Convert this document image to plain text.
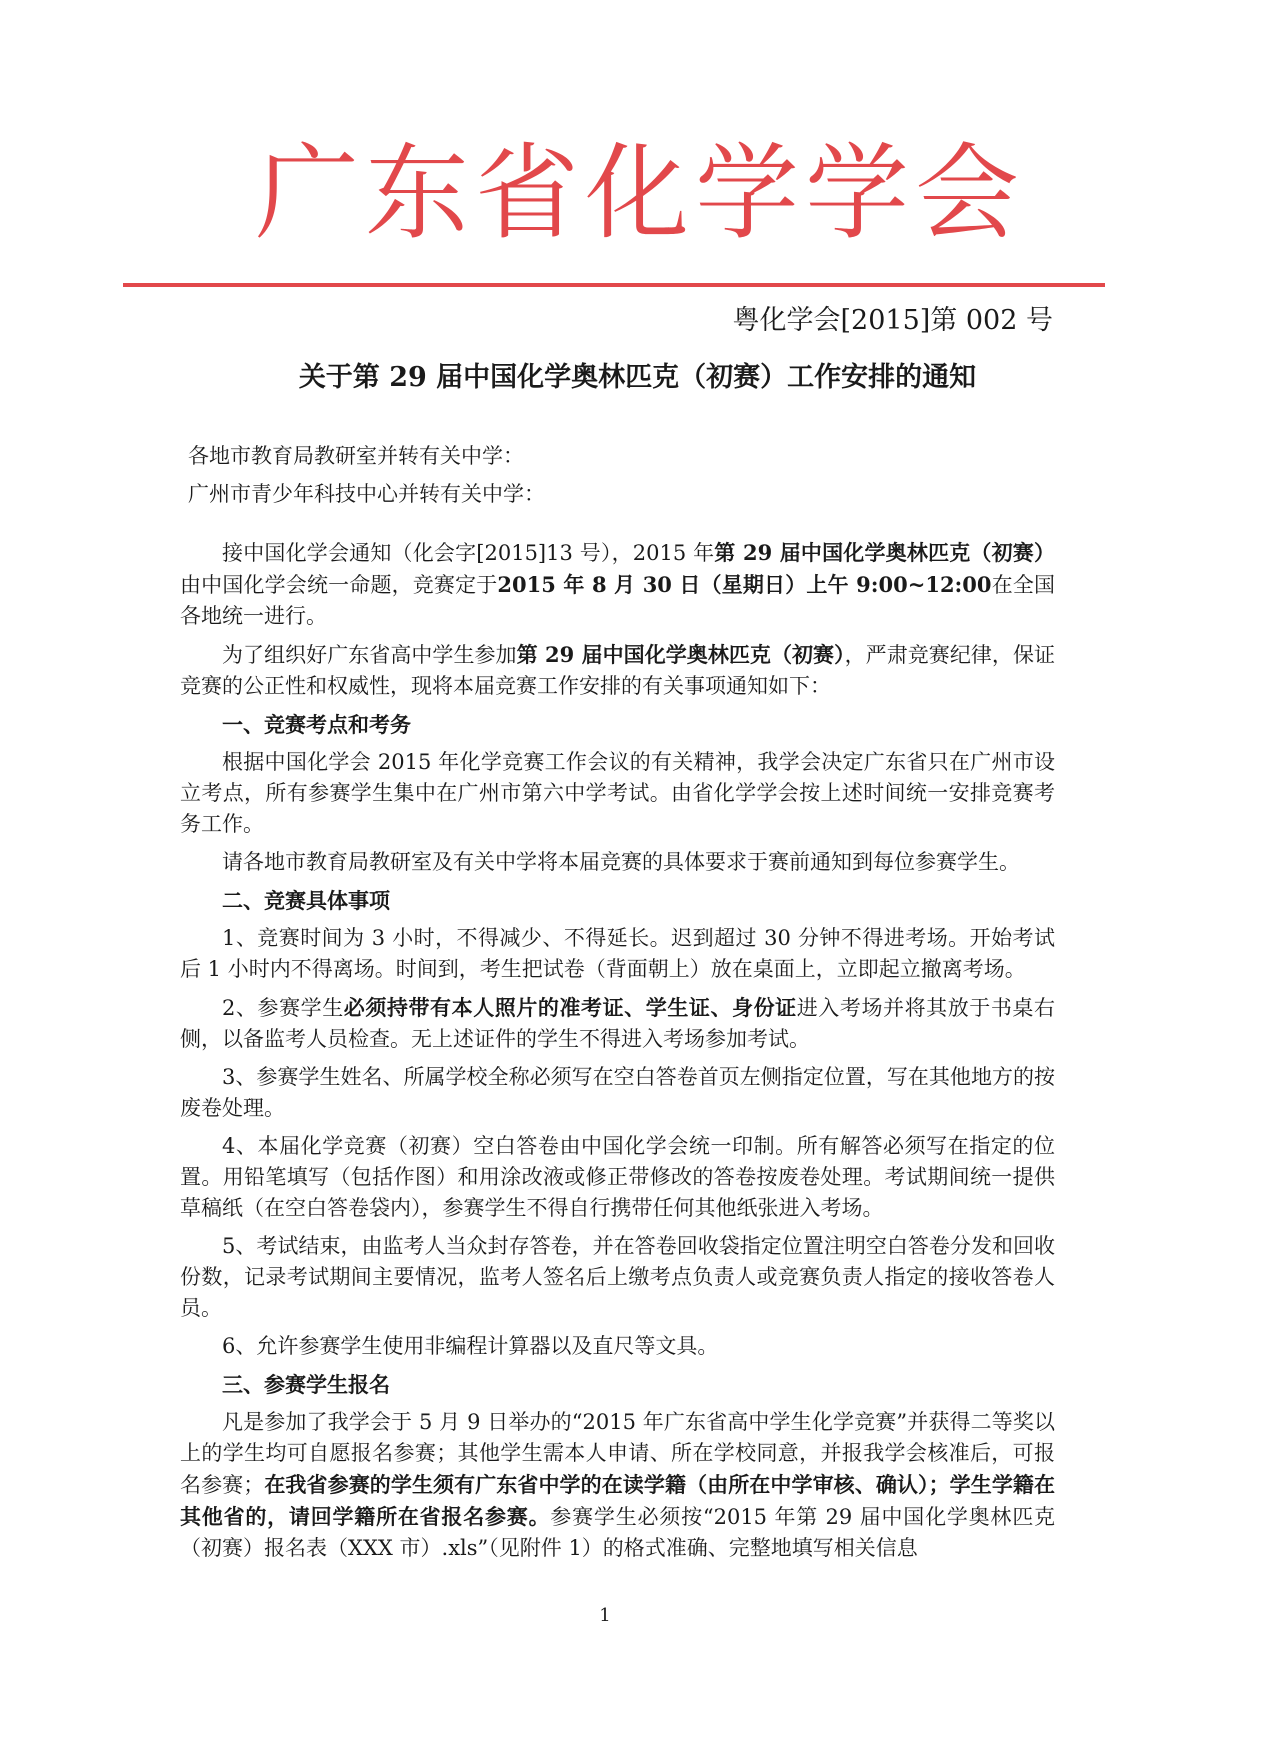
广东省化学学会
粤化学会[2015]第 002 号
关于第 29 届中国化学奥林匹克（初赛）工作安排的通知
各地市教育局教研室并转有关中学：
广州市青少年科技中心并转有关中学：

接中国化学会通知（化会字[2015]13 号），2015 年第 29 届中国化学奥林匹克（初赛）由中国化学会统一命题，竞赛定于2015 年 8 月 30 日（星期日）上午 9:00~12:00在全国各地统一进行。

为了组织好广东省高中学生参加第 29 届中国化学奥林匹克（初赛），严肃竞赛纪律，保证竞赛的公正性和权威性，现将本届竞赛工作安排的有关事项通知如下：

一、竞赛考点和考务

根据中国化学会 2015 年化学竞赛工作会议的有关精神，我学会决定广东省只在广州市设立考点，所有参赛学生集中在广州市第六中学考试。由省化学学会按上述时间统一安排竞赛考务工作。

请各地市教育局教研室及有关中学将本届竞赛的具体要求于赛前通知到每位参赛学生。

二、竞赛具体事项

1、竞赛时间为 3 小时，不得减少、不得延长。迟到超过 30 分钟不得进考场。开始考试后 1 小时内不得离场。时间到，考生把试卷（背面朝上）放在桌面上，立即起立撤离考场。

2、参赛学生必须持带有本人照片的准考证、学生证、身份证进入考场并将其放于书桌右侧，以备监考人员检查。无上述证件的学生不得进入考场参加考试。

3、参赛学生姓名、所属学校全称必须写在空白答卷首页左侧指定位置，写在其他地方的按废卷处理。

4、本届化学竞赛（初赛）空白答卷由中国化学会统一印制。所有解答必须写在指定的位置。用铅笔填写（包括作图）和用涂改液或修正带修改的答卷按废卷处理。考试期间统一提供草稿纸（在空白答卷袋内），参赛学生不得自行携带任何其他纸张进入考场。

5、考试结束，由监考人当众封存答卷，并在答卷回收袋指定位置注明空白答卷分发和回收份数，记录考试期间主要情况，监考人签名后上缴考点负责人或竞赛负责人指定的接收答卷人员。

6、允许参赛学生使用非编程计算器以及直尺等文具。

三、参赛学生报名

凡是参加了我学会于 5 月 9 日举办的“2015 年广东省高中学生化学竞赛”并获得二等奖以上的学生均可自愿报名参赛；其他学生需本人申请、所在学校同意，并报我学会核准后，可报名参赛；在我省参赛的学生须有广东省中学的在读学籍（由所在中学审核、确认）；学生学籍在其他省的，请回学籍所在省报名参赛。参赛学生必须按“2015 年第 29 届中国化学奥林匹克（初赛）报名表（XXX 市）.xls”（见附件 1）的格式准确、完整地填写相关信息

1
